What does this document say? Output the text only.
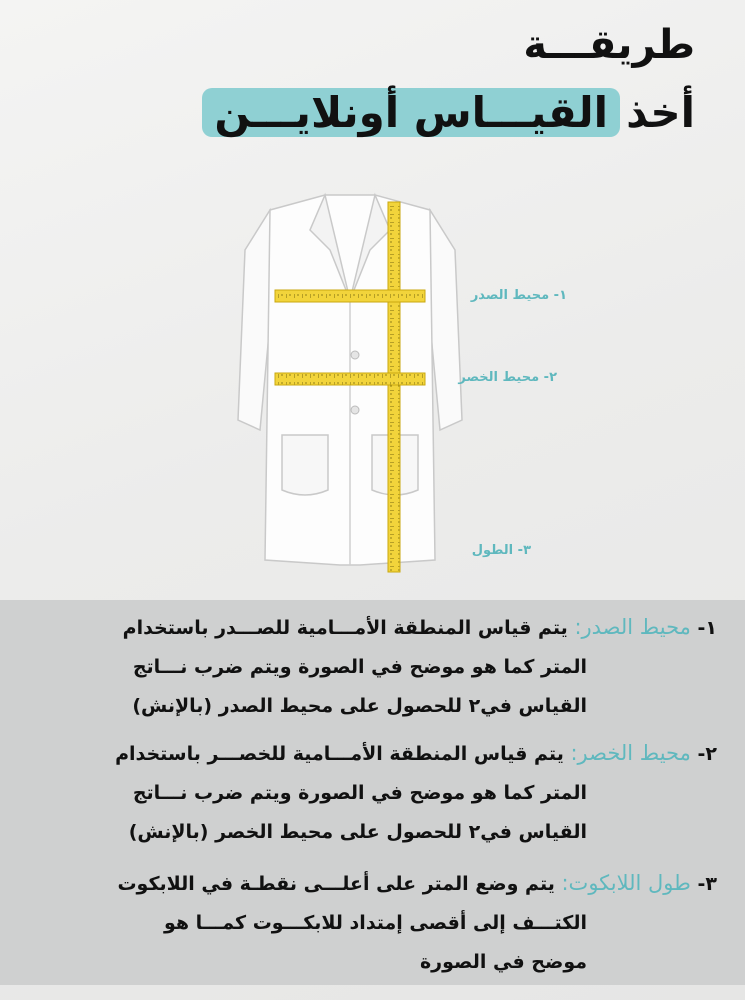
طريقـــة
أخذالقيـــاس أونلايـــن
١- محيط الصدر
٢- محيط الخصر
٣- الطول
١- محيط الصدر: يتم قياس المنطقة الأمـــامية للصـــدر باستخدام
المتر كما هو موضح في الصورة ويتم ضرب نـــاتج
القياس في٢ للحصول على محيط الصدر (بالإنش)
٢- محيط الخصر: يتم قياس المنطقة الأمـــامية للخصـــر باستخدام
المتر كما هو موضح في الصورة ويتم ضرب نـــاتج
القياس في٢ للحصول على محيط الخصر (بالإنش)
٣- طول اللابكوت: يتم وضع المتر على أعلـــى نقطـة في اللابكوت
الكتـــف إلى أقصى إمتداد للابكـــوت كمـــا هو
موضح في الصورة
